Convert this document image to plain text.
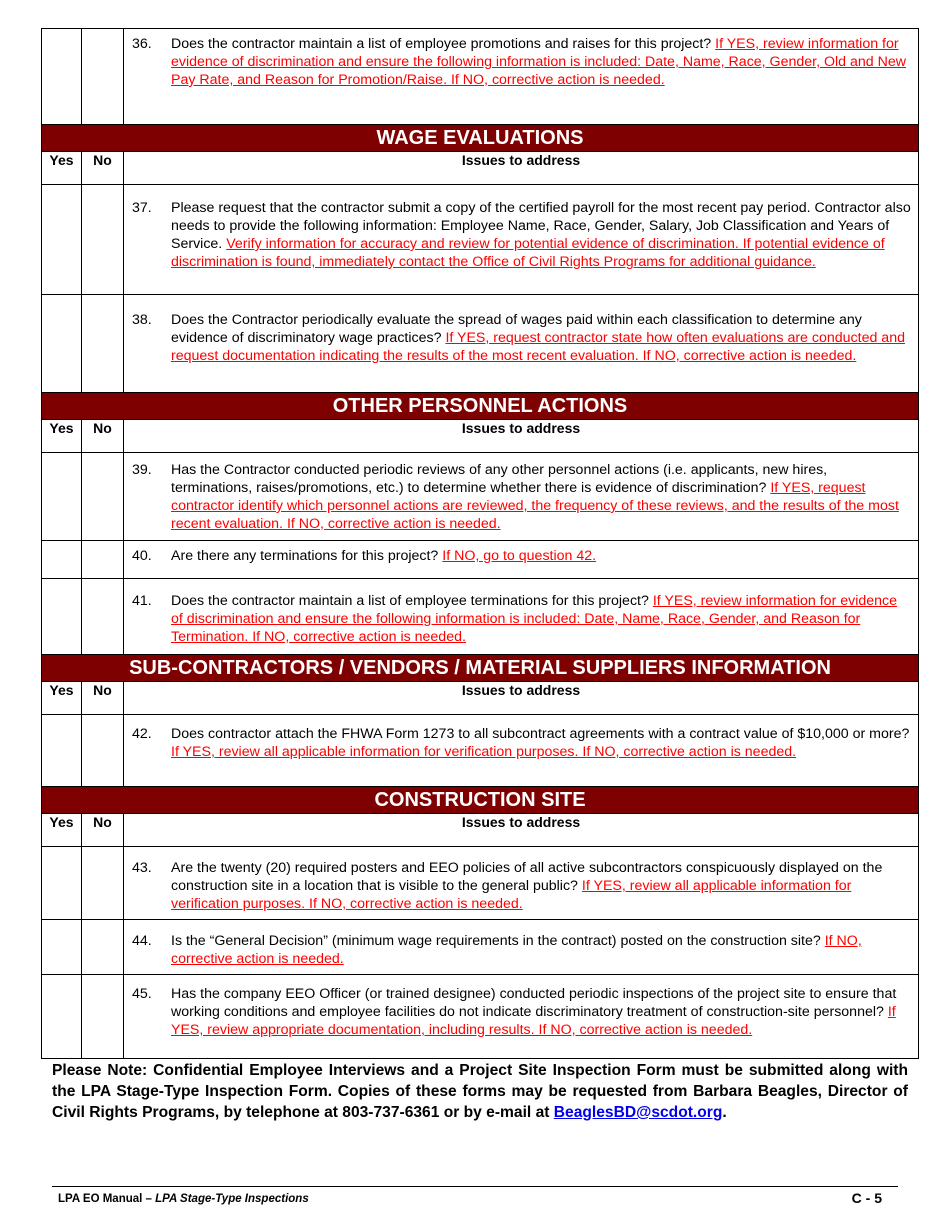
		36. Does the contractor maintain a list of employee promotions and raises for this project? If YES, review information for evidence of discrimination and ensure the following information is included: Date, Name, Race, Gender, Old and New Pay Rate, and Reason for Promotion/Raise. If NO, corrective action is needed.

WAGE EVALUATIONS		
Yes	No	Issues to address

		37. Please request that the contractor submit a copy of the certified payroll for the most recent pay period. Contractor also needs to provide the following information: Employee Name, Race, Gender, Salary, Job Classification and Years of Service. Verify information for accuracy and review for potential evidence of discrimination. If potential evidence of discrimination is found, immediately contact the Office of Civil Rights Programs for additional guidance.

		38. Does the Contractor periodically evaluate the spread of wages paid within each classification to determine any evidence of discriminatory wage practices? If YES, request contractor state how often evaluations are conducted and request documentation indicating the results of the most recent evaluation. If NO, corrective action is needed.

OTHER PERSONNEL ACTIONS		
Yes	No	Issues to address

		39. Has the Contractor conducted periodic reviews of any other personnel actions (i.e. applicants, new hires, terminations, raises/promotions, etc.) to determine whether there is evidence of discrimination? If YES, request contractor identify which personnel actions are reviewed, the frequency of these reviews, and the results of the most recent evaluation. If NO, corrective action is needed.

		40. Are there any terminations for this project? If NO, go to question 42.

		41. Does the contractor maintain a list of employee terminations for this project? If YES, review information for evidence of discrimination and ensure the following information is included: Date, Name, Race, Gender, and Reason for Termination. If NO, corrective action is needed.

SUB-CONTRACTORS / VENDORS / MATERIAL SUPPLIERS INFORMATION		
Yes	No	Issues to address

		42. Does contractor attach the FHWA Form 1273 to all subcontract agreements with a contract value of $10,000 or more? If YES, review all applicable information for verification purposes. If NO, corrective action is needed.

CONSTRUCTION SITE		
Yes	No	Issues to address

		43. Are the twenty (20) required posters and EEO policies of all active subcontractors conspicuously displayed on the construction site in a location that is visible to the general public? If YES, review all applicable information for verification purposes. If NO, corrective action is needed.

		44. Is the “General Decision” (minimum wage requirements in the contract) posted on the construction site? If NO, corrective action is needed.

		45. Has the company EEO Officer (or trained designee) conducted periodic inspections of the project site to ensure that working conditions and employee facilities do not indicate discriminatory treatment of construction-site personnel? If YES, review appropriate documentation, including results. If NO, corrective action is needed.
Please Note: Confidential Employee Interviews and a Project Site Inspection Form must be submitted along with the LPA Stage-Type Inspection Form. Copies of these forms may be requested from Barbara Beagles, Director of Civil Rights Programs, by telephone at 803-737-6361 or by e-mail at BeaglesBD@scdot.org.
LPA EO Manual – LPA Stage-Type Inspections	C - 5
